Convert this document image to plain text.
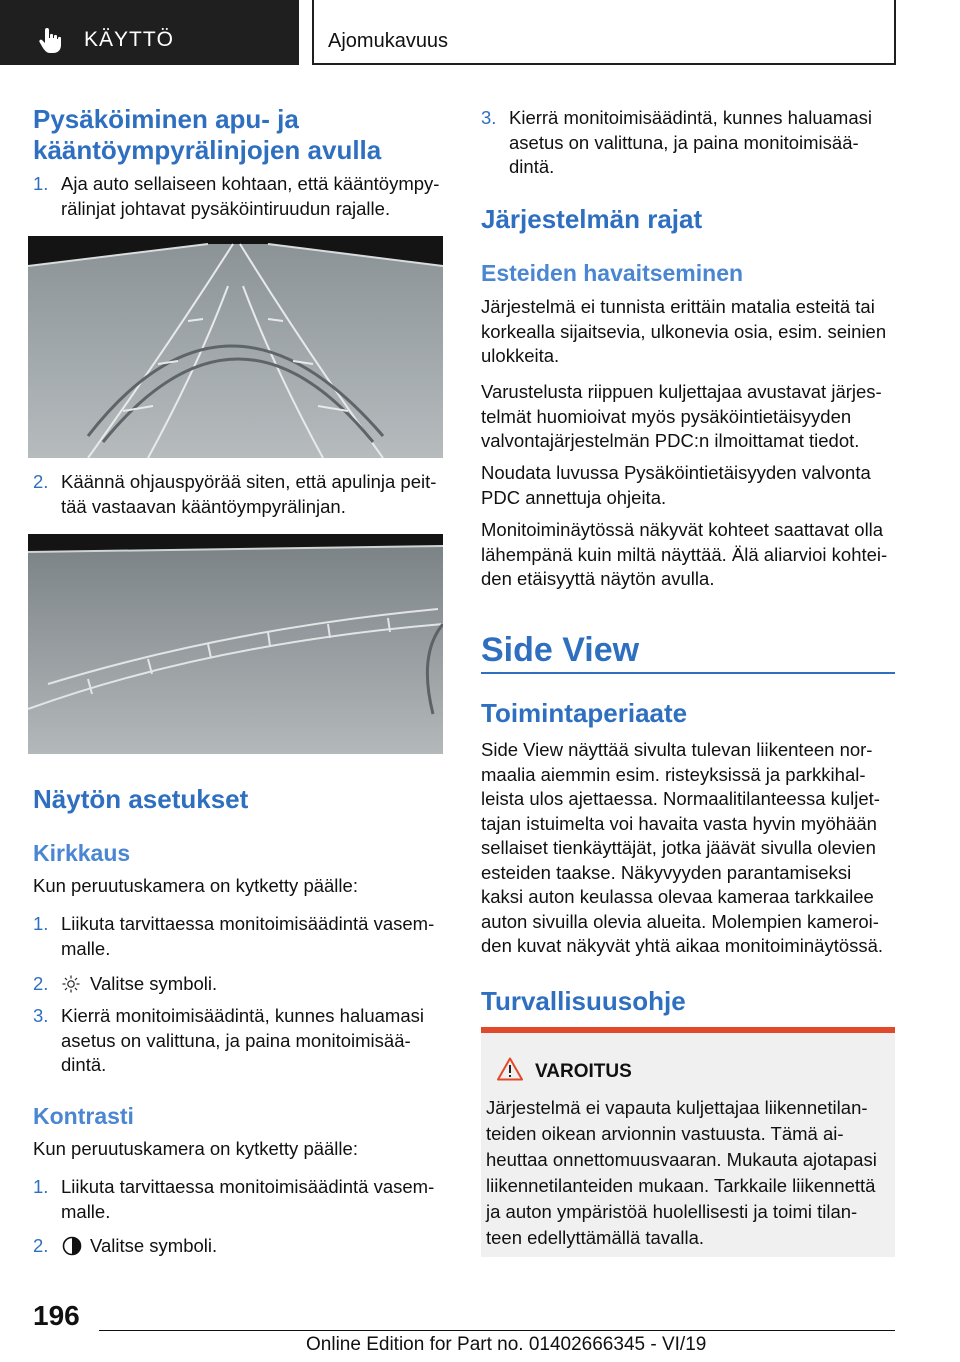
KÄYTTÖ	Ajomukavuus
Pysäköiminen apu- ja kääntöympyrälinjojen avulla
1. Aja auto sellaiseen kohtaan, että kääntöympy-rälinjat johtavat pysäköintiruudun rajalle.
2. Käännä ohjauspyörää siten, että apulinja peit-tää vastaavan kääntöympyrälinjan.
Näytön asetukset
Kirkkaus

Kun peruutuskamera on kytketty päälle:

1. Liikuta tarvittaessa monitoimisäädintä vasem-malle.
2. Valitse symboli.
3. Kierrä monitoimisäädintä, kunnes haluamasi asetus on valittuna, ja paina monitoimisää-dintä.
Kontrasti

Kun peruutuskamera on kytketty päälle:

1. Liikuta tarvittaessa monitoimisäädintä vasem-malle.
2. Valitse symboli.
3. Kierrä monitoimisäädintä, kunnes haluamasi asetus on valittuna, ja paina monitoimisää-dintä.
Järjestelmän rajat
Esteiden havaitseminen

Järjestelmä ei tunnista erittäin matalia esteitä tai korkealla sijaitsevia, ulkonevia osia, esim. seinien ulokkeita.

Varustelusta riippuen kuljettajaa avustavat järjes-telmät huomioivat myös pysäköintietäisyyden valvontajärjestelmän PDC:n ilmoittamat tiedot.

Noudata luvussa Pysäköintietäisyyden valvonta PDC annettuja ohjeita.

Monitoiminäytössä näkyvät kohteet saattavat olla lähempänä kuin miltä näyttää. Älä aliarvioi kohtei-den etäisyyttä näytön avulla.

Side View
Toimintaperiaate

Side View näyttää sivulta tulevan liikenteen nor-maalia aiemmin esim. risteyksissä ja parkkihal-leista ulos ajettaessa. Normaalitilanteessa kuljet-tajan istuimelta voi havaita vasta hyvin myöhään sellaiset tienkäyttäjät, jotka jäävät sivulla olevien esteiden taakse. Näkyvyyden parantamiseksi kaksi auton keulassa olevaa kameraa tarkkailee auton sivuilla olevia alueita. Molempien kameroi-den kuvat näkyvät yhtä aikaa monitoiminäytössä.

Turvallisuusohje
VAROITUS
Järjestelmä ei vapauta kuljettajaa liikennetilan-teiden oikean arvionnin vastuusta. Tämä ai-heuttaa onnettomuusvaaran. Mukauta ajotapasi liikennetilanteiden mukaan. Tarkkaile liikennettä ja auton ympäristöä huolellisesti ja toimi tilan-teen edellyttämällä tavalla.
196
Online Edition for Part no. 01402666345 - VI/19
